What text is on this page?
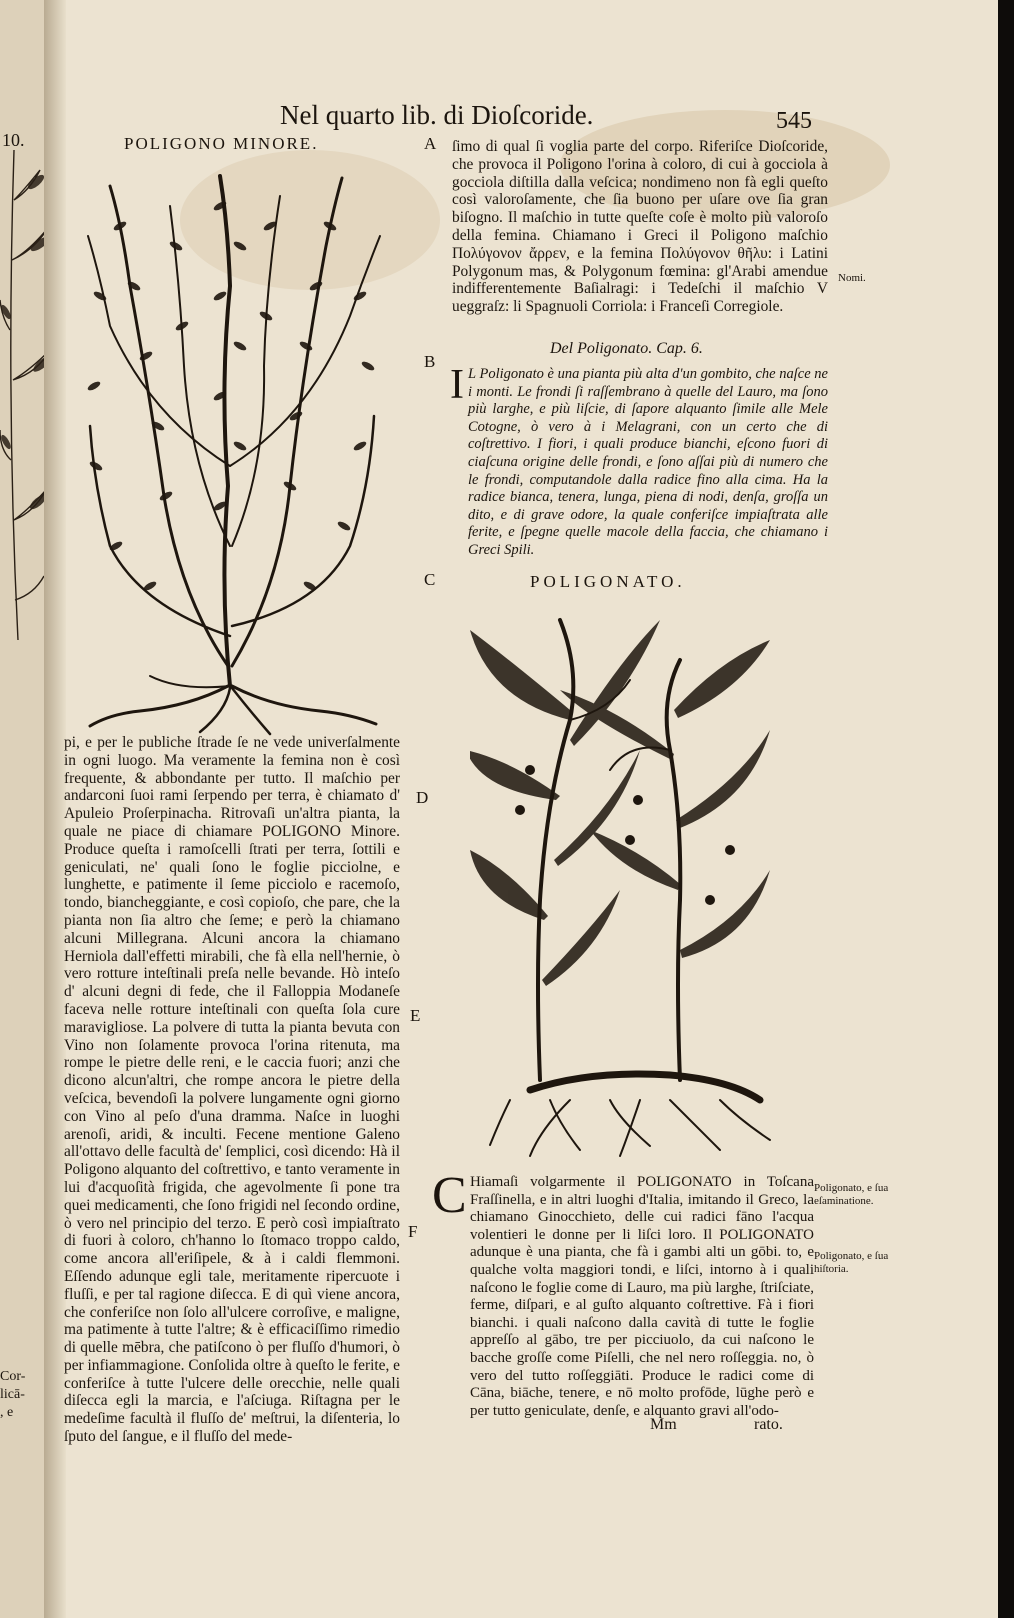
10.
Cor-
licā-
, e
Nel quarto lib. di Dioſcoride.	545
POLIGONO MINORE.
pi, e per le publiche ſtrade ſe ne vede univerſalmente in ogni luogo. Ma veramente la femina non è così frequente, & abbondante per tutto. Il maſchio per andarconi ſuoi rami ſerpendo per terra, è chiamato d' Apuleio Proſerpinacha. Ritrovaſi un'altra pianta, la quale ne piace di chiamare POLIGONO Minore. Produce queſta i ramoſcelli ſtrati per terra, ſottili e geniculati, ne' quali ſono le foglie picciolne, e lunghette, e patimente il ſeme picciolo e racemoſo, tondo, biancheggiante, e così copioſo, che pare, che la pianta non ſia altro che ſeme; e però la chiamano alcuni Millegrana. Alcuni ancora la chiamano Herniola dall'effetti mirabili, che fà ella nell'hernie, ò vero rotture inteſtinali preſa nelle bevande. Hò inteſo d' alcuni degni di fede, che il Falloppia Modaneſe faceva nelle rotture inteſtinali con queſta ſola cure maravigliose. La polvere di tutta la pianta bevuta con Vino non ſolamente provoca l'orina ritenuta, ma rompe le pietre delle reni, e le caccia fuori; anzi che dicono alcun'altri, che rompe ancora le pietre della veſcica, bevendoſi la polvere lungamente ogni giorno con Vino al peſo d'una dramma. Naſce in luoghi arenoſi, aridi, & inculti. Fecene mentione Galeno all'ottavo delle facultà de' ſemplici, così dicendo: Hà il Poligono alquanto del coſtrettivo, e tanto veramente in lui d'acquoſità frigida, che agevolmente ſi pone tra quei medicamenti, che ſono frigidi nel ſecondo ordine, ò vero nel principio del terzo. E però così impiaſtrato di fuori à coloro, ch'hanno lo ſtomaco troppo caldo, come ancora all'eriſipele, & à i caldi flemmoni. Eſſendo adunque egli tale, meritamente ripercuote i fluſſi, e per tal ragione diſecca. E di quì viene ancora, che conferiſce non ſolo all'ulcere corroſive, e maligne, ma patimente à tutte l'altre; & è efficaciſſimo rimedio di quelle mēbra, che patiſcono ò per fluſſo d'humori, ò per infiammagione. Conſolida oltre à queſto le ferite, e conferiſce à tutte l'ulcere delle orecchie, nelle quali diſecca egli la marcia, e l'aſciuga. Riſtagna per le medeſime facultà il fluſſo de' meſtrui, la diſenteria, lo ſputo del ſangue, e il fluſſo del mede-
A
B
C
D
E
F
ſimo di qual ſi voglia parte del corpo. Riferiſce Dioſcoride, che provoca il Poligono l'orina à coloro, di cui à gocciola à gocciola diſtilla dalla veſcica; nondimeno non fà egli queſto così valoroſamente, che ſia buono per uſare ove ſia gran biſogno. Il maſchio in tutte queſte coſe è molto più valoroſo della femina. Chiamano i Greci il Poligono maſchio Πολύγονον ἄρρεν, e la femina Πολύγονον θῆλυ: i Latini Polygonum mas, & Polygonum fœmina: gl'Arabi amendue indifferentemente Baſialragi: i Tedeſchi il maſchio V ueggraſz: li Spagnuoli Corriola: i Franceſi Corregiole.
Nomi.
Del Poligonato. Cap. 6.
I L Poligonato è una pianta più alta d'un gombito, che naſce ne i monti. Le frondi ſi raſſembrano à quelle del Lauro, ma ſono più larghe, e più liſcie, di ſapore alquanto ſimile alle Mele Cotogne, ò vero à i Melagrani, con un certo che di coſtrettivo. I fiori, i quali produce bianchi, eſcono fuori di ciaſcuna origine delle frondi, e ſono aſſai più di numero che le frondi, computandole dalla radice fino alla cima. Ha la radice bianca, tenera, lunga, piena di nodi, denſa, groſſa un dito, e di grave odore, la quale conferiſce impiaſtrata alle ferite, e ſpegne quelle macole della faccia, che chiamano i Greci Spili.
POLIGONATO.
C Hiamaſi volgarmente il POLIGONATO in Toſcana Fraſſinella, e in altri luoghi d'Italia, imitando il Greco, la chiamano Ginocchieto, delle cui radici fāno l'acqua volentieri le donne per li liſci loro. Il POLIGONATO adunque è una pianta, che fà i gambi alti un gōbi. to, e qualche volta maggiori tondi, e liſci, intorno à i quali naſcono le foglie come di Lauro, ma più larghe, ſtriſciate, ferme, diſpari, e al guſto alquanto coſtrettive. Fà i fiori bianchi. i quali naſcono dalla cavità di tutte le foglie appreſſo al gābo, tre per picciuolo, da cui naſcono le bacche groſſe come Piſelli, che nel nero roſſeggia. no, ò vero del tutto roſſeggiāti. Produce le radici come di Cāna, biāche, tenere, e nō molto profōde, lūghe però e per tutto geniculate, denſe, e alquanto gravi all'odo-
Poligonato, e ſua eſaminatione.
Poligonato, e ſua hiſtoria.
Mm	rato.
